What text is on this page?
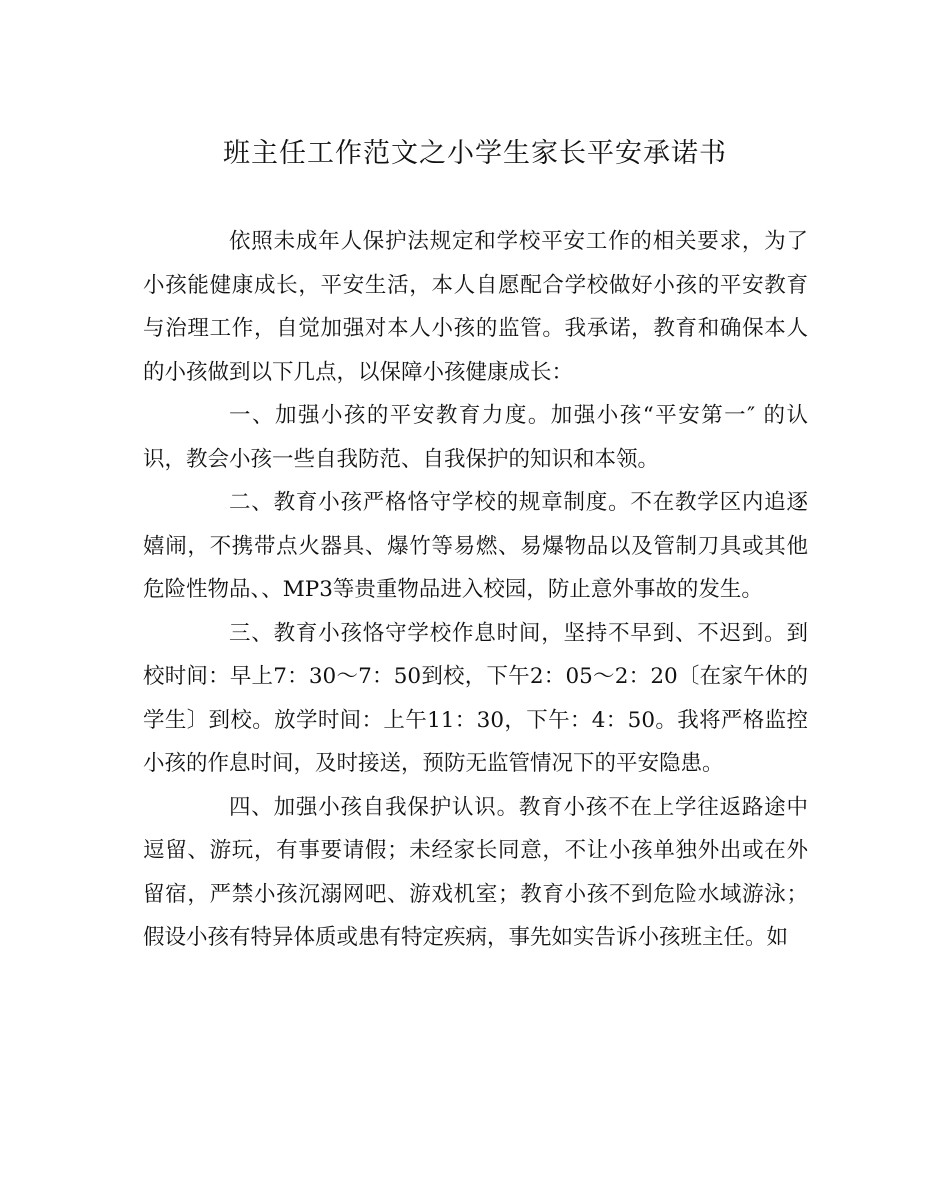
班主任工作范文之小学生家长平安承诺书

依照未成年人保护法规定和学校平安工作的相关要求，为了小孩能健康成长，平安生活，本人自愿配合学校做好小孩的平安教育与治理工作，自觉加强对本人小孩的监管。我承诺，教育和确保本人的小孩做到以下几点，以保障小孩健康成长：

一、加强小孩的平安教育力度。加强小孩“平安第一″ 的认识，教会小孩一些自我防范、自我保护的知识和本领。

二、教育小孩严格恪守学校的规章制度。不在教学区内追逐嬉闹，不携带点火器具、爆竹等易燃、易爆物品以及管制刀具或其他危险性物品、、MP3等贵重物品进入校园，防止意外事故的发生。

三、教育小孩恪守学校作息时间，坚持不早到、不迟到。到校时间：早上7：30～7：50到校，下午2：05～2：20〔在家午休的学生〕到校。放学时间：上午11：30，下午：4：50。我将严格监控小孩的作息时间，及时接送，预防无监管情况下的平安隐患。

四、加强小孩自我保护认识。教育小孩不在上学往返路途中逗留、游玩，有事要请假；未经家长同意，不让小孩单独外出或在外留宿，严禁小孩沉溺网吧、游戏机室；教育小孩不到危险水域游泳；假设小孩有特异体质或患有特定疾病，事先如实告诉小孩班主任。如
